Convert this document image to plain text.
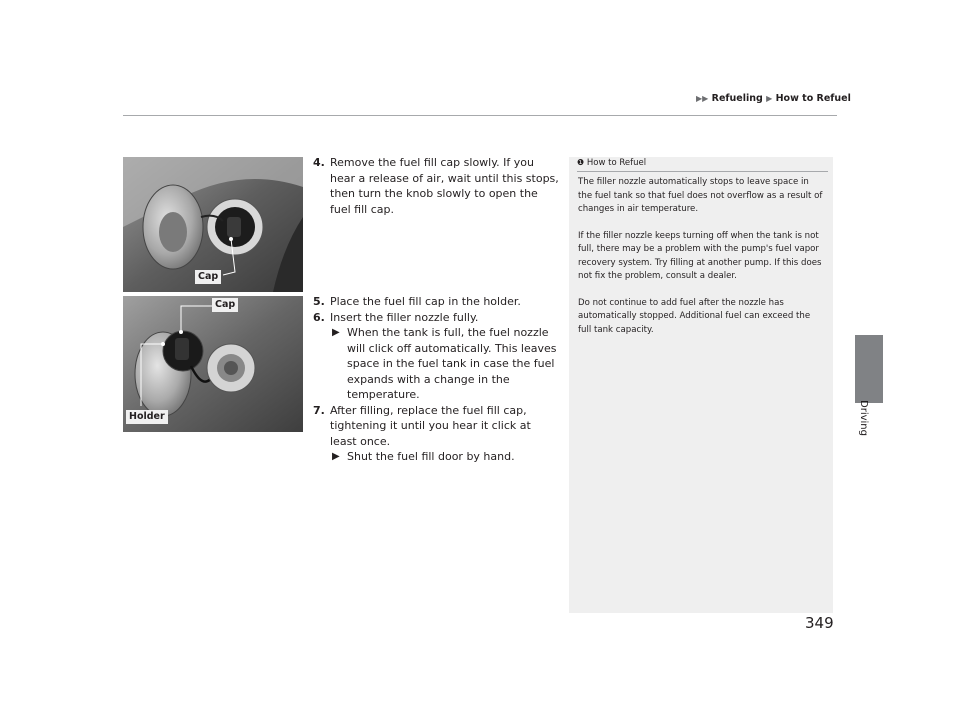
▶▶ Refueling ▶ How to Refuel
Driving
Cap
Cap
Holder
4. Remove the fuel fill cap slowly. If you hear a release of air, wait until this stops, then turn the knob slowly to open the fuel fill cap.
5. Place the fuel fill cap in the holder.
6. Insert the filler nozzle fully.
▶ When the tank is full, the fuel nozzle will click off automatically. This leaves space in the fuel tank in case the fuel expands with a change in the temperature.
7. After filling, replace the fuel fill cap, tightening it until you hear it click at least once.
▶ Shut the fuel fill door by hand.
❶ How to Refuel

The filler nozzle automatically stops to leave space in the fuel tank so that fuel does not overflow as a result of changes in air temperature.

If the filler nozzle keeps turning off when the tank is not full, there may be a problem with the pump's fuel vapor recovery system. Try filling at another pump. If this does not fix the problem, consult a dealer.

Do not continue to add fuel after the nozzle has automatically stopped. Additional fuel can exceed the full tank capacity.

349
